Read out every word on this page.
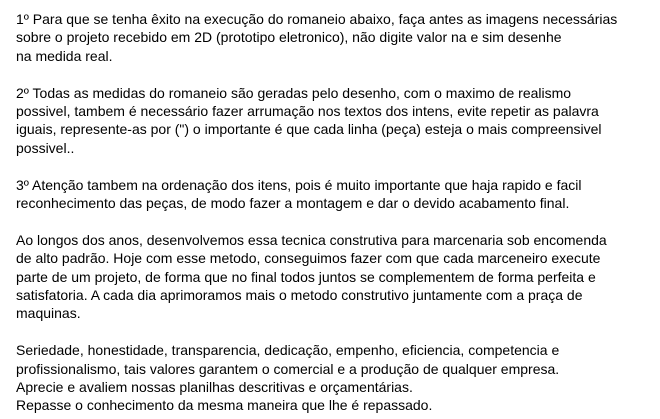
1º Para que se tenha êxito na execução do romaneio abaixo, faça antes as imagens necessárias
sobre o projeto recebido em 2D (prototipo eletronico), não digite valor na e sim desenhe
na medida real.

2º Todas as medidas do romaneio são geradas pelo desenho, com o maximo de realismo
possivel, tambem é necessário fazer arrumação nos textos dos intens, evite repetir as palavra
iguais, represente-as por (") o importante é que cada linha (peça) esteja o mais compreensivel
possivel..

3º Atenção tambem na ordenação dos itens, pois é muito importante que haja rapido e facil
reconhecimento das peças, de modo fazer a montagem e dar o devido acabamento final.

Ao longos dos anos, desenvolvemos essa tecnica construtiva para marcenaria sob encomenda
de alto padrão. Hoje com esse metodo, conseguimos fazer com que cada marceneiro execute
parte de um projeto, de forma que no final todos juntos se complementem de forma perfeita e
satisfatoria. A cada dia aprimoramos mais o metodo construtivo juntamente com a praça de
maquinas.

Seriedade, honestidade, transparencia, dedicação, empenho, eficiencia, competencia e
profissionalismo, tais valores garantem o comercial e a produção de qualquer empresa.
Aprecie e avaliem nossas planilhas descritivas e orçamentárias.
Repasse o conhecimento da mesma maneira que lhe é repassado.
